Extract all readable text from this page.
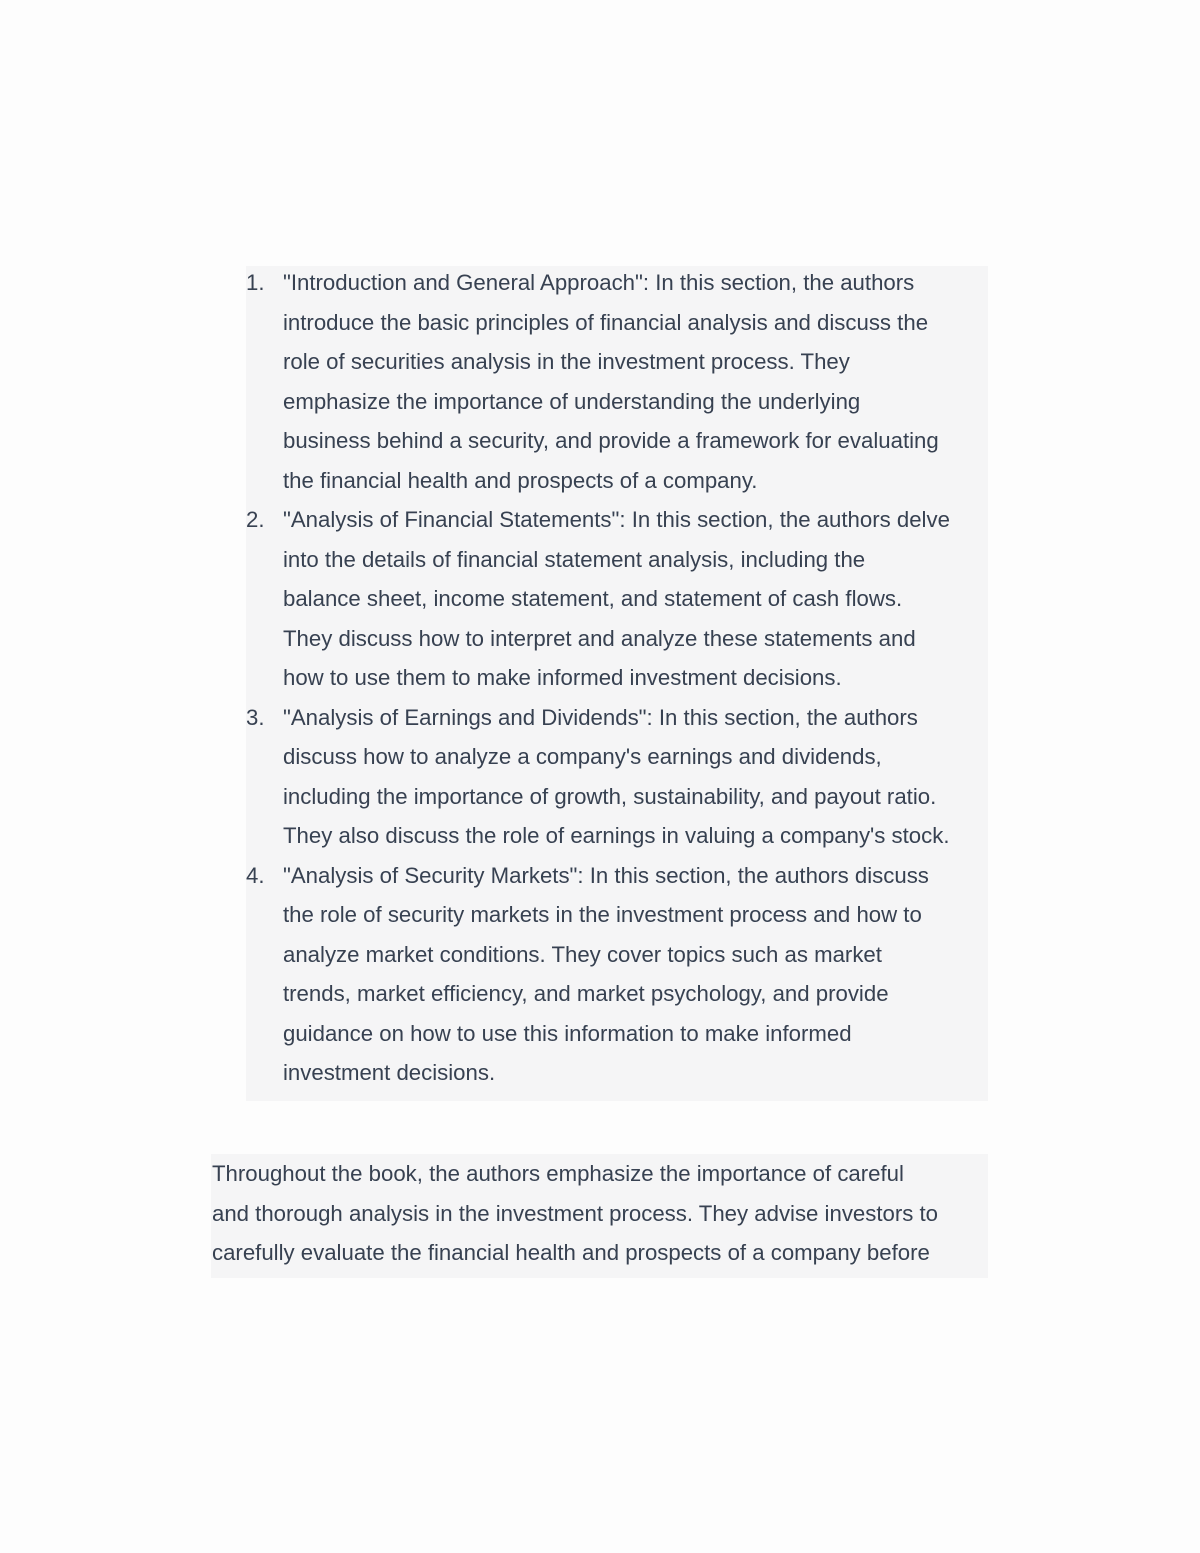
1. "Introduction and General Approach": In this section, the authors
introduce the basic principles of financial analysis and discuss the
role of securities analysis in the investment process. They
emphasize the importance of understanding the underlying
business behind a security, and provide a framework for evaluating
the financial health and prospects of a company.
2. "Analysis of Financial Statements": In this section, the authors delve
into the details of financial statement analysis, including the
balance sheet, income statement, and statement of cash flows.
They discuss how to interpret and analyze these statements and
how to use them to make informed investment decisions.
3. "Analysis of Earnings and Dividends": In this section, the authors
discuss how to analyze a company's earnings and dividends,
including the importance of growth, sustainability, and payout ratio.
They also discuss the role of earnings in valuing a company's stock.
4. "Analysis of Security Markets": In this section, the authors discuss
the role of security markets in the investment process and how to
analyze market conditions. They cover topics such as market
trends, market efficiency, and market psychology, and provide
guidance on how to use this information to make informed
investment decisions.

Throughout the book, the authors emphasize the importance of careful
and thorough analysis in the investment process. They advise investors to
carefully evaluate the financial health and prospects of a company before
